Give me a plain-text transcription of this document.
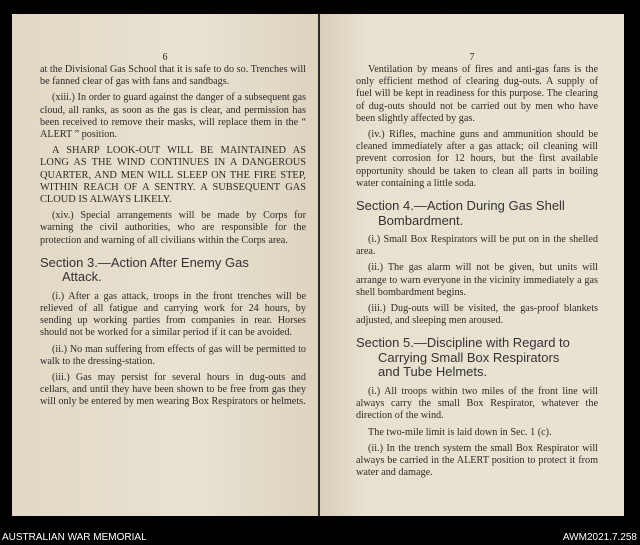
6

at the Divisional Gas School that it is safe to do so. Trenches will be fanned clear of gas with fans and sandbags.

(xiii.) In order to guard against the danger of a subsequent gas cloud, all ranks, as soon as the gas is clear, and permission has been received to remove their masks, will replace them in the “ ALERT ” position.

A SHARP LOOK-OUT WILL BE MAINTAINED AS LONG AS THE WIND CONTINUES IN A DANGEROUS QUARTER, AND MEN WILL SLEEP ON THE FIRE STEP, WITHIN REACH OF A SENTRY. A SUBSEQUENT GAS CLOUD IS ALWAYS LIKELY.

(xiv.) Special arrangements will be made by Corps for warning the civil authorities, who are responsible for the protection and warning of all civilians within the Corps area.

Section 3.—Action After Enemy Gas
Attack.

(i.) After a gas attack, troops in the front trenches will be relieved of all fatigue and carrying work for 24 hours, by sending up working parties from companies in rear. Horses should not be worked for a similar period if it can be avoided.

(ii.) No man suffering from effects of gas will be permitted to walk to the dressing-station.

(iii.) Gas may persist for several hours in dug-outs and cellars, and until they have been shown to be free from gas they will only be entered by men wearing Box Respirators or helmets.

7

Ventilation by means of fires and anti-gas fans is the only efficient method of clearing dug-outs. A supply of fuel will be kept in readiness for this purpose. The clearing of dug-outs should not be carried out by men who have been slightly affected by gas.

(iv.) Rifles, machine guns and ammunition should be cleaned immediately after a gas attack; oil cleaning will prevent corrosion for 12 hours, but the first available opportunity should be taken to clean all parts in boiling water containing a little soda.

Section 4.—Action During Gas Shell
Bombardment.

(i.) Small Box Respirators will be put on in the shelled area.

(ii.) The gas alarm will not be given, but units will arrange to warn everyone in the vicinity immediately a gas shell bombardment begins.

(iii.) Dug-outs will be visited, the gas-proof blankets adjusted, and sleeping men aroused.

Section 5.—Discipline with Regard to
Carrying Small Box Respirators
and Tube Helmets.

(i.) All troops within two miles of the front line will always carry the small Box Respirator, whatever the direction of the wind.

The two-mile limit is laid down in Sec. 1 (c).

(ii.) In the trench system the small Box Respirator will always be carried in the ALERT position to protect it from water and damage.

AUSTRALIAN WAR MEMORIAL	AWM2021.7.258
